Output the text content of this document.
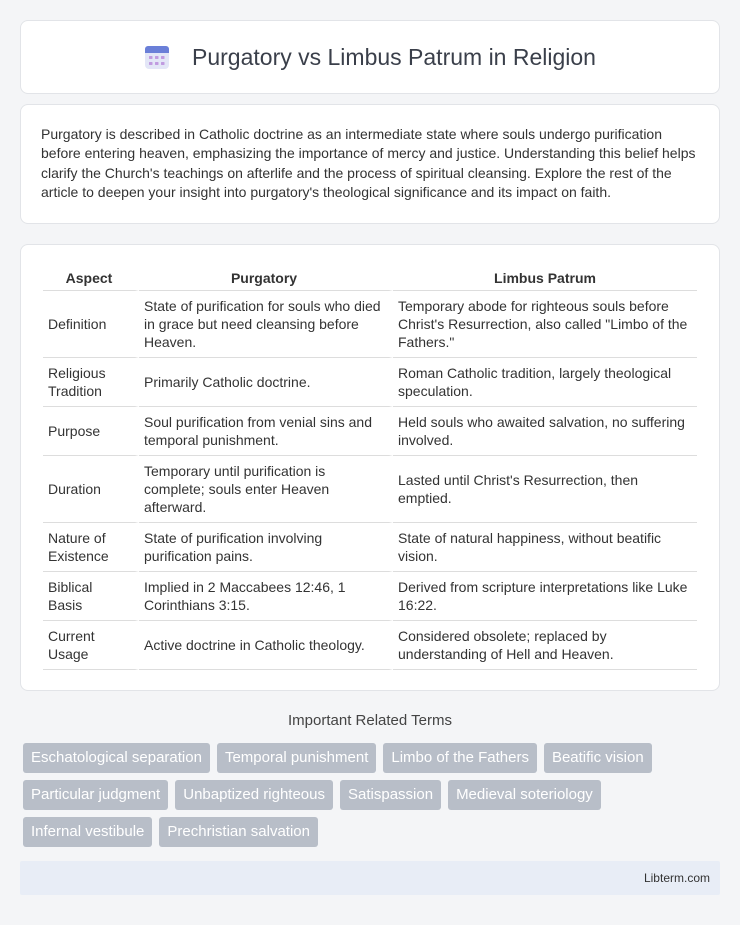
Purgatory vs Limbus Patrum in Religion

Purgatory is described in Catholic doctrine as an intermediate state where souls undergo purification before entering heaven, emphasizing the importance of mercy and justice. Understanding this belief helps clarify the Church's teachings on afterlife and the process of spiritual cleansing. Explore the rest of the article to deepen your insight into purgatory's theological significance and its impact on faith.

Aspect	Purgatory	Limbus Patrum
Definition	State of purification for souls who died in grace but need cleansing before Heaven.	Temporary abode for righteous souls before Christ's Resurrection, also called "Limbo of the Fathers."
Religious Tradition	Primarily Catholic doctrine.	Roman Catholic tradition, largely theological speculation.
Purpose	Soul purification from venial sins and temporal punishment.	Held souls who awaited salvation, no suffering involved.
Duration	Temporary until purification is complete; souls enter Heaven afterward.	Lasted until Christ's Resurrection, then emptied.
Nature of Existence	State of purification involving purification pains.	State of natural happiness, without beatific vision.
Biblical Basis	Implied in 2 Maccabees 12:46, 1 Corinthians 3:15.	Derived from scripture interpretations like Luke 16:22.
Current Usage	Active doctrine in Catholic theology.	Considered obsolete; replaced by understanding of Hell and Heaven.
Important Related Terms
Eschatological separation	Temporal punishment	Limbo of the Fathers	Beatific vision
Particular judgment	Unbaptized righteous	Satispassion	Medieval soteriology
Infernal vestibule	Prechristian salvation
Libterm.com
